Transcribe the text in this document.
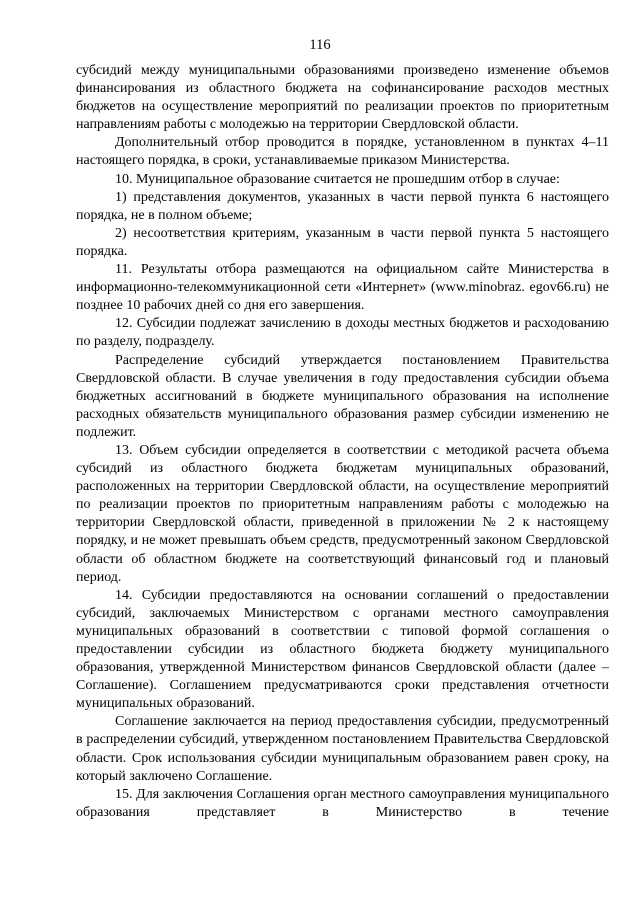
116

субсидий между муниципальными образованиями произведено изменение объемов финансирования из областного бюджета на софинансирование расходов местных бюджетов на осуществление мероприятий по реализации проектов по приоритетным направлениям работы с молодежью на территории Свердловской области.

Дополнительный отбор проводится в порядке, установленном в пунктах 4–11 настоящего порядка, в сроки, устанавливаемые приказом Министерства.

10. Муниципальное образование считается не прошедшим отбор в случае:

1) представления документов, указанных в части первой пункта 6 настоящего порядка, не в полном объеме;

2) несоответствия критериям, указанным в части первой пункта 5 настоящего порядка.

11. Результаты отбора размещаются на официальном сайте Министерства в информационно-телекоммуникационной сети «Интернет» (www.minobraz. egov66.ru) не позднее 10 рабочих дней со дня его завершения.

12. Субсидии подлежат зачислению в доходы местных бюджетов и расходованию по разделу, подразделу.

Распределение субсидий утверждается постановлением Правительства Свердловской области. В случае увеличения в году предоставления субсидии объема бюджетных ассигнований в бюджете муниципального образования на исполнение расходных обязательств муниципального образования размер субсидии изменению не подлежит.

13. Объем субсидии определяется в соответствии с методикой расчета объема субсидий из областного бюджета бюджетам муниципальных образований, расположенных на территории Свердловской области, на осуществление мероприятий по реализации проектов по приоритетным направлениям работы с молодежью на территории Свердловской области, приведенной в приложении № 2 к настоящему порядку, и не может превышать объем средств, предусмотренный законом Свердловской области об областном бюджете на соответствующий финансовый год и плановый период.

14. Субсидии предоставляются на основании соглашений о предоставлении субсидий, заключаемых Министерством с органами местного самоуправления муниципальных образований в соответствии с типовой формой соглашения о предоставлении субсидии из областного бюджета бюджету муниципального образования, утвержденной Министерством финансов Свердловской области (далее – Соглашение). Соглашением предусматриваются сроки представления отчетности муниципальных образований.

Соглашение заключается на период предоставления субсидии, предусмотренный в распределении субсидий, утвержденном постановлением Правительства Свердловской области. Срок использования субсидии муниципальным образованием равен сроку, на который заключено Соглашение.

15. Для заключения Соглашения орган местного самоуправления муниципального образования представляет в Министерство в течение
